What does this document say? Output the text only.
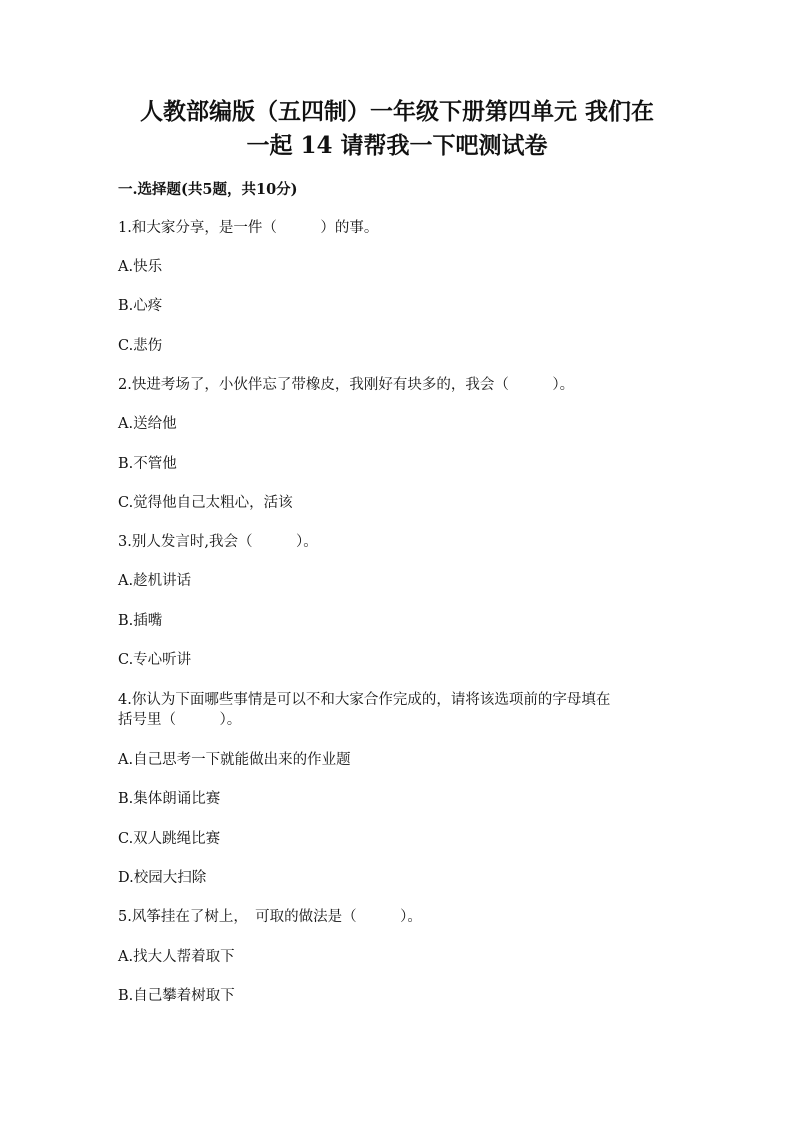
人教部编版（五四制）一年级下册第四单元 我们在
一起 14 请帮我一下吧测试卷
一.选择题(共5题，共10分)
1.和大家分享，是一件（　　　）的事。
A.快乐
B.心疼
C.悲伤
2.快进考场了，小伙伴忘了带橡皮，我刚好有块多的，我会（　　　）。
A.送给他
B.不管他
C.觉得他自己太粗心，活该
3.别人发言时,我会（　　　）。
A.趁机讲话
B.插嘴
C.专心听讲
4.你认为下面哪些事情是可以不和大家合作完成的，请将该选项前的字母填在
括号里（　　　）。
A.自己思考一下就能做出来的作业题
B.集体朗诵比赛
C.双人跳绳比赛
D.校园大扫除
5.风筝挂在了树上，　可取的做法是（　　　）。
A.找大人帮着取下
B.自己攀着树取下
